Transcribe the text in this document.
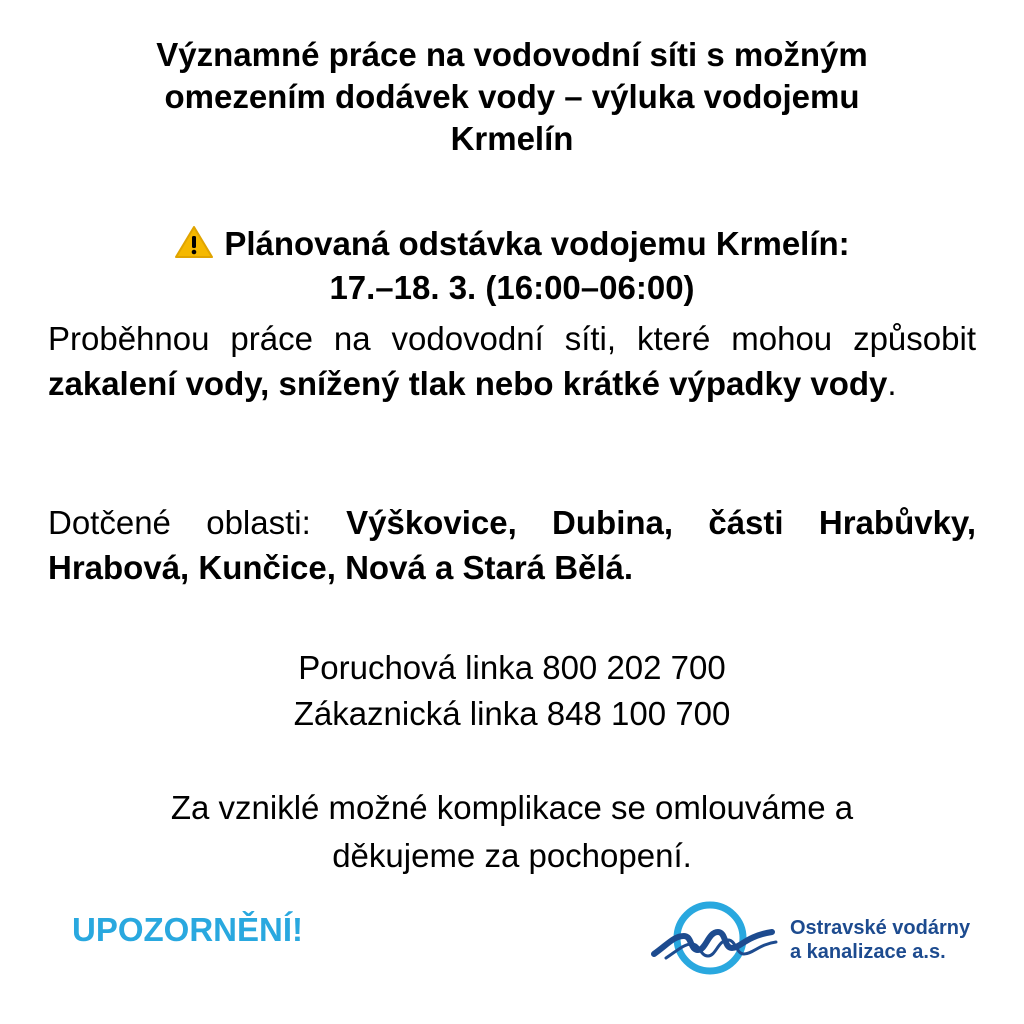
Významné práce na vodovodní síti s možným
omezením dodávek vody – výluka vodojemu
Krmelín
Plánovaná odstávka vodojemu Krmelín:
17.–18. 3. (16:00–06:00)
Proběhnou práce na vodovodní síti, které mohou způsobit zakalení vody, snížený tlak nebo krátké výpadky vody.
Dotčené oblasti: Výškovice, Dubina, části Hrabůvky, Hrabová, Kunčice, Nová a Stará Bělá.
Poruchová linka 800 202 700
Zákaznická linka 848 100 700
Za vzniklé možné komplikace se omlouváme a
děkujeme za pochopení.
UPOZORNĚNÍ!	Ostravské vodárny
a kanalizace a.s.
